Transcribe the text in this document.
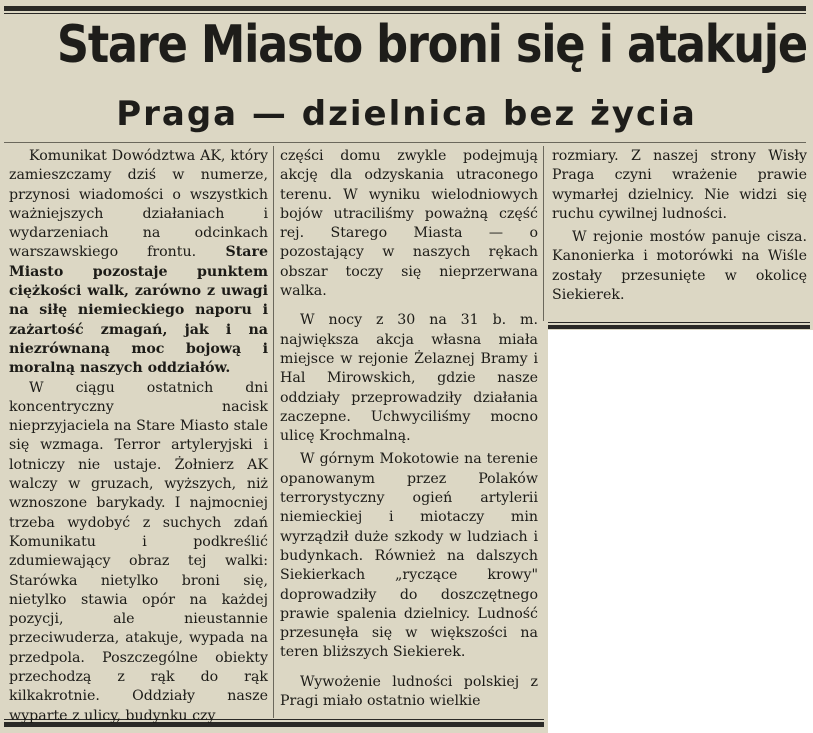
Stare Miasto broni się i atakuje
Praga — dzielnica bez życia

Komunikat Dowództwa AK, który zamieszczamy dziś w numerze, przynosi wiadomości o wszystkich ważniejszych działaniach i wydarzeniach na odcinkach warszawskiego frontu. Stare Miasto pozostaje punktem ciężkości walk, zarówno z uwagi na siłę niemieckiego naporu i zażartość zmagań, jak i na niezrównaną moc bojową i moralną naszych oddziałów.

W ciągu ostatnich dni koncentryczny nacisk nieprzyjaciela na Stare Miasto stale się wzmaga. Terror artyleryjski i lotniczy nie ustaje. Żołnierz AK walczy w gruzach, wyższych, niż wznoszone barykady. I najmocniej trzeba wydobyć z suchych zdań Komunikatu i podkreślić zdumiewający obraz tej walki: Starówka nietylko broni się, nietylko stawia opór na każdej pozycji, ale nieustannie przeciwuderza, atakuje, wypada na przedpola. Poszczególne obiekty przechodzą z rąk do rąk kilkakrotnie. Oddziały nasze wyparte z ulicy, budynku czy

części domu zwykle podejmują akcję dla odzyskania utraconego terenu. W wyniku wielodniowych bojów utraciliśmy poważną część rej. Starego Miasta — o pozostający w naszych rękach obszar toczy się nieprzerwana walka.

W nocy z 30 na 31 b. m. największa akcja własna miała miejsce w rejonie Żelaznej Bramy i Hal Mirowskich, gdzie nasze oddziały przeprowadziły działania zaczepne. Uchwyciliśmy mocno ulicę Krochmalną.

W górnym Mokotowie na terenie opanowanym przez Polaków terrorystyczny ogień artylerii niemieckiej i miotaczy min wyrządził duże szkody w ludziach i budynkach. Również na dalszych Siekierkach „ryczące krowy" doprowadziły do doszczętnego prawie spalenia dzielnicy. Ludność przesunęła się w większości na teren bliższych Siekierek.

Wywożenie ludności polskiej z Pragi miało ostatnio wielkie

rozmiary. Z naszej strony Wisły Praga czyni wrażenie prawie wymarłej dzielnicy. Nie widzi się ruchu cywilnej ludności.

W rejonie mostów panuje cisza. Kanonierka i motorówki na Wiśle zostały przesunięte w okolicę Siekierek.
